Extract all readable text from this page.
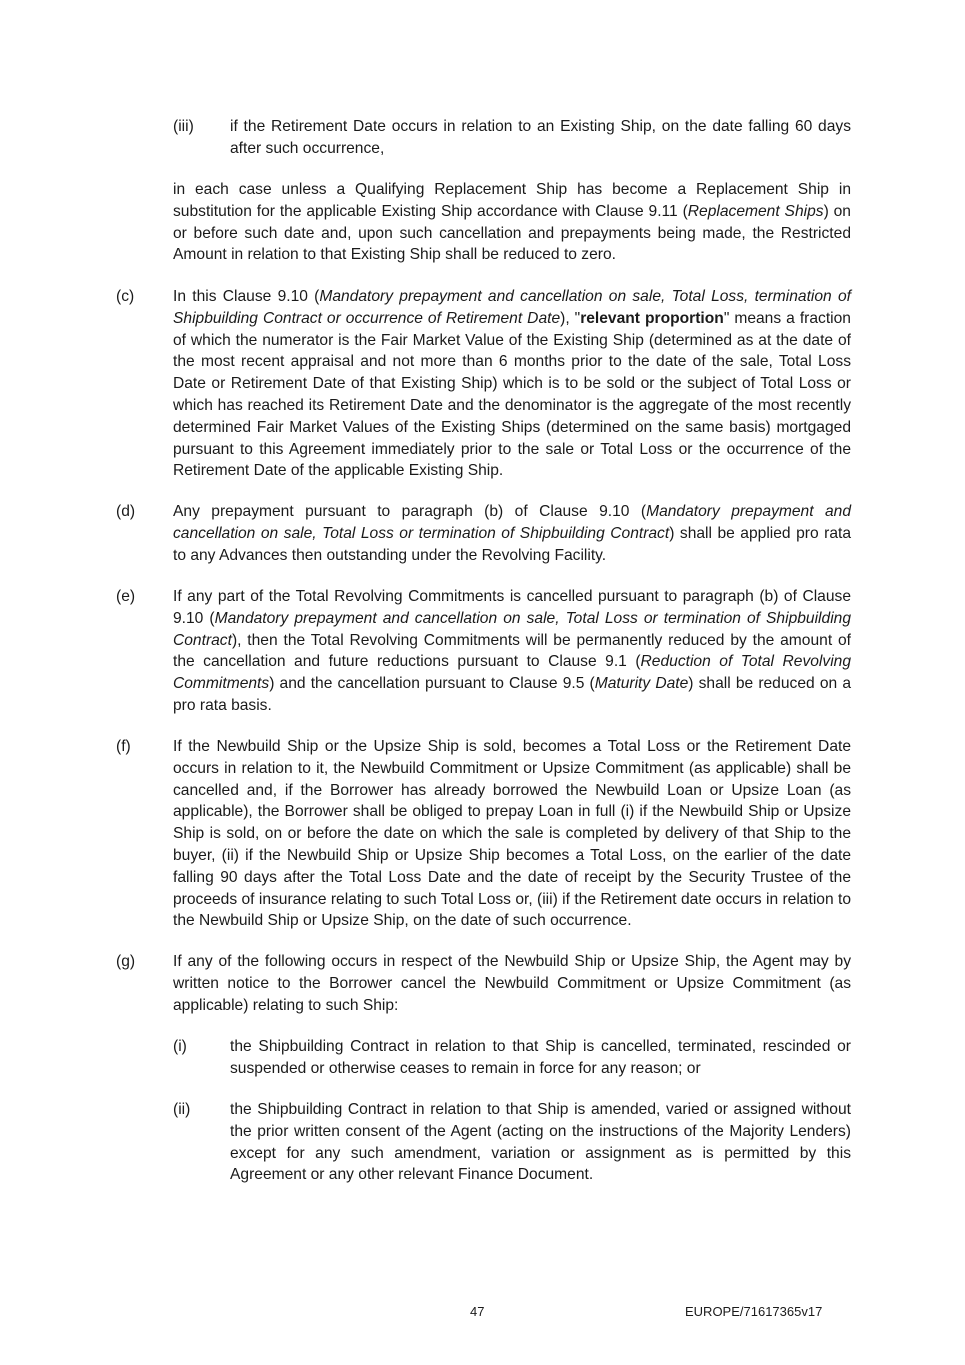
(iii) if the Retirement Date occurs in relation to an Existing Ship, on the date falling 60 days after such occurrence,
in each case unless a Qualifying Replacement Ship has become a Replacement Ship in substitution for the applicable Existing Ship accordance with Clause 9.11 (Replacement Ships) on or before such date and, upon such cancellation and prepayments being made, the Restricted Amount in relation to that Existing Ship shall be reduced to zero.
(c) In this Clause 9.10 (Mandatory prepayment and cancellation on sale, Total Loss, termination of Shipbuilding Contract or occurrence of Retirement Date), "relevant proportion" means a fraction of which the numerator is the Fair Market Value of the Existing Ship (determined as at the date of the most recent appraisal and not more than 6 months prior to the date of the sale, Total Loss Date or Retirement Date of that Existing Ship) which is to be sold or the subject of Total Loss or which has reached its Retirement Date and the denominator is the aggregate of the most recently determined Fair Market Values of the Existing Ships (determined on the same basis) mortgaged pursuant to this Agreement immediately prior to the sale or Total Loss or the occurrence of the Retirement Date of the applicable Existing Ship.
(d) Any prepayment pursuant to paragraph (b) of Clause 9.10 (Mandatory prepayment and cancellation on sale, Total Loss or termination of Shipbuilding Contract) shall be applied pro rata to any Advances then outstanding under the Revolving Facility.
(e) If any part of the Total Revolving Commitments is cancelled pursuant to paragraph (b) of Clause 9.10 (Mandatory prepayment and cancellation on sale, Total Loss or termination of Shipbuilding Contract), then the Total Revolving Commitments will be permanently reduced by the amount of the cancellation and future reductions pursuant to Clause 9.1 (Reduction of Total Revolving Commitments) and the cancellation pursuant to Clause 9.5 (Maturity Date) shall be reduced on a pro rata basis.
(f)	If the Newbuild Ship or the Upsize Ship is sold, becomes a Total Loss or the Retirement Date occurs in relation to it, the Newbuild Commitment or Upsize Commitment (as applicable) shall be cancelled and, if the Borrower has already borrowed the Newbuild Loan or Upsize Loan (as applicable), the Borrower shall be obliged to prepay Loan in full (i) if the Newbuild Ship or Upsize Ship is sold, on or before the date on which the sale is completed by delivery of that Ship to the buyer, (ii) if the Newbuild Ship or Upsize Ship becomes a Total Loss, on the earlier of the date falling 90 days after the Total Loss Date and the date of receipt by the Security Trustee of the proceeds of insurance relating to such Total Loss or, (iii) if the Retirement date occurs in relation to the Newbuild Ship or Upsize Ship, on the date of such occurrence.
(g) If any of the following occurs in respect of the Newbuild Ship or Upsize Ship, the Agent may by written notice to the Borrower cancel the Newbuild Commitment or Upsize Commitment (as applicable) relating to such Ship:
(i)	the Shipbuilding Contract in relation to that Ship is cancelled, terminated, rescinded or suspended or otherwise ceases to remain in force for any reason; or
(ii)	the Shipbuilding Contract in relation to that Ship is amended, varied or assigned without the prior written consent of the Agent (acting on the instructions of the Majority Lenders) except for any such amendment, variation or assignment as is permitted by this Agreement or any other relevant Finance Document.
47	EUROPE/71617365v17
